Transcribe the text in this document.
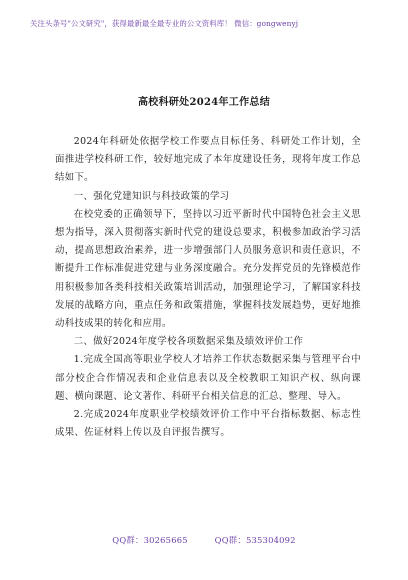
关注头条号"公文研究"，获得最新最全最专业的公文资料库！ 微信：gongwenyj
高校科研处2024年工作总结

2024年科研处依据学校工作要点目标任务、科研处工作计划，全面推进学校科研工作，较好地完成了本年度建设任务，现将年度工作总结如下。

一、强化党建知识与科技政策的学习

在校党委的正确领导下，坚持以习近平新时代中国特色社会主义思想为指导，深入贯彻落实新时代党的建设总要求，积极参加政治学习活动，提高思想政治素养，进一步增强部门人员服务意识和责任意识，不断提升工作标准促进党建与业务深度融合。充分发挥党员的先锋模范作用积极参加各类科技相关政策培训活动，加强理论学习，了解国家科技发展的战略方向，重点任务和政策措施，掌握科技发展趋势，更好地推动科技成果的转化和应用。

二、做好2024年度学校各项数据采集及绩效评价工作

1.完成全国高等职业学校人才培养工作状态数据采集与管理平台中部分校企合作情况表和企业信息表以及全校教职工知识产权、纵向课题、横向课题、论文著作、科研平台相关信息的汇总、整理、导入。

2.完成2024年度职业学校绩效评价工作中平台指标数据、标志性成果、佐证材料上传以及自评报告撰写。

QQ群：30265665	QQ群：535304092
